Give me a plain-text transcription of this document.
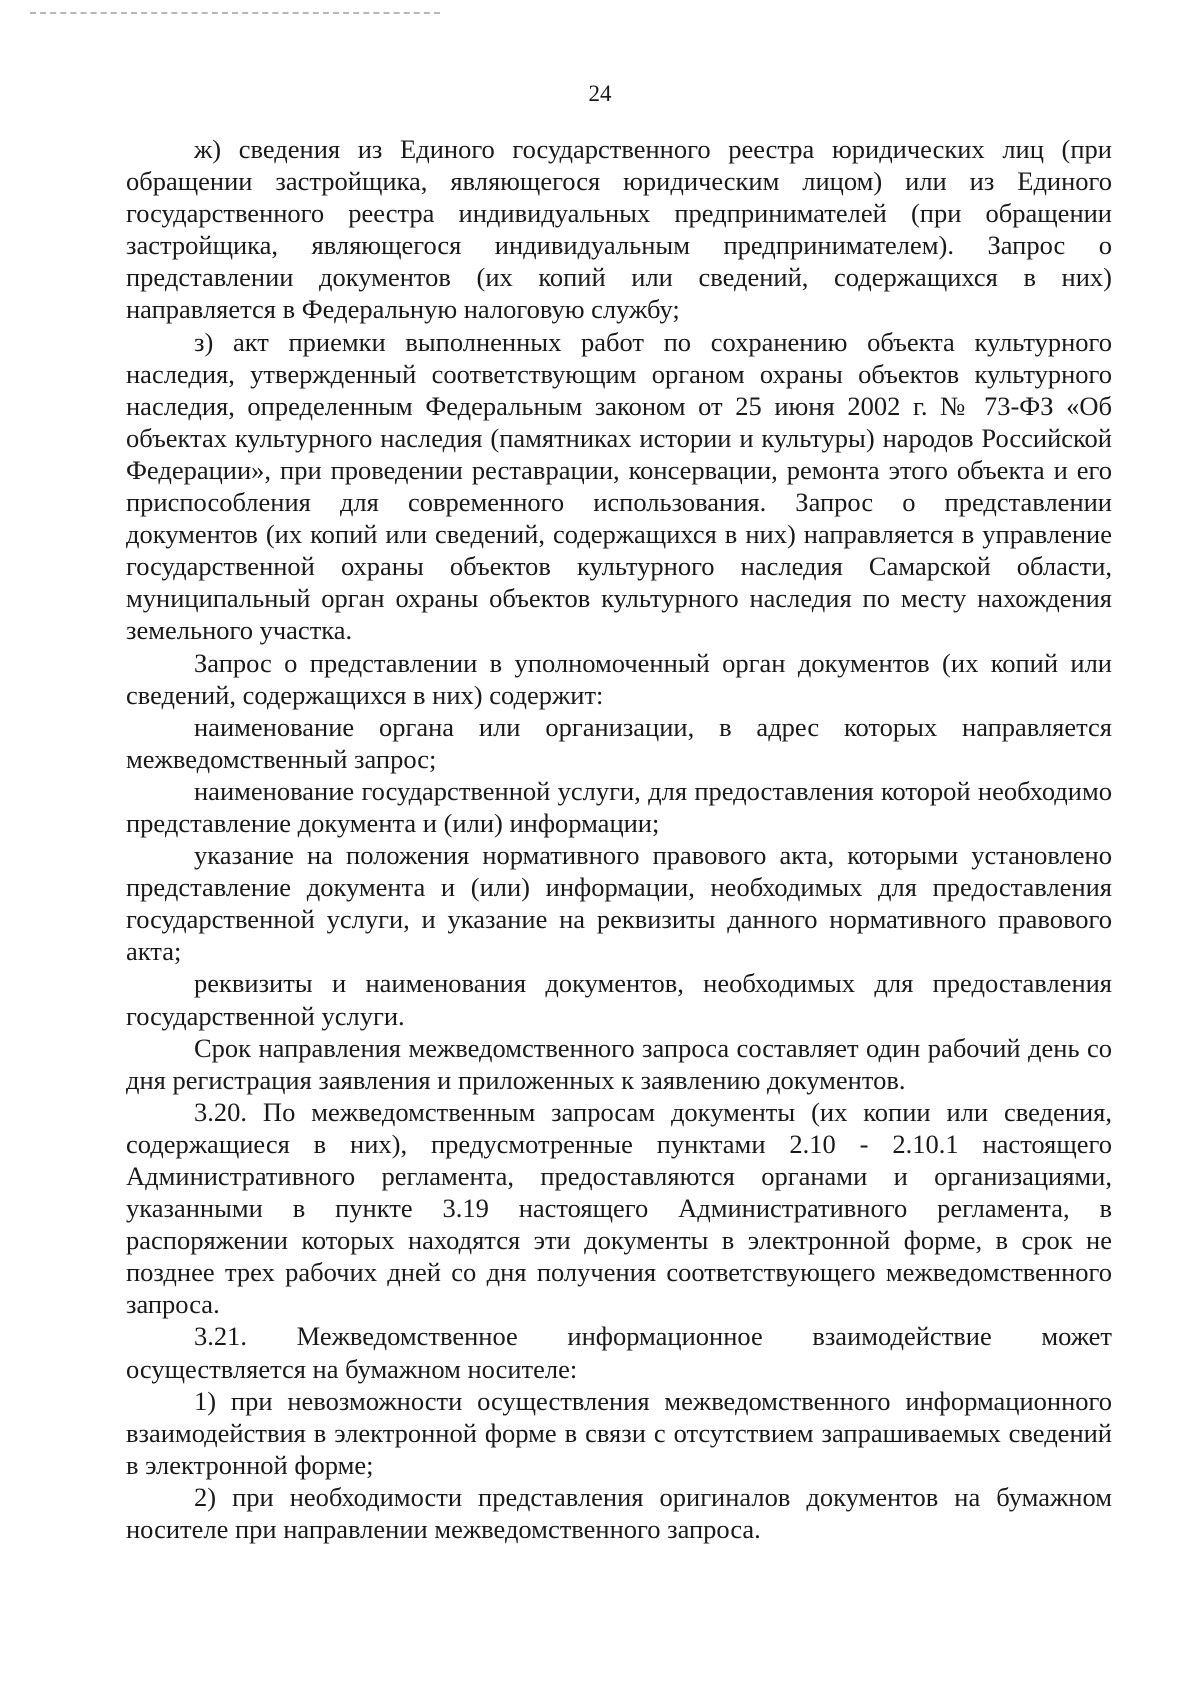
24

ж) сведения из Единого государственного реестра юридических лиц (при обращении застройщика, являющегося юридическим лицом) или из Единого государственного реестра индивидуальных предпринимателей (при обращении застройщика, являющегося индивидуальным предпринимателем). Запрос о представлении документов (их копий или сведений, содержащихся в них) направляется в Федеральную налоговую службу;

з) акт приемки выполненных работ по сохранению объекта культурного наследия, утвержденный соответствующим органом охраны объектов культурного наследия, определенным Федеральным законом от 25 июня 2002 г. № 73-ФЗ «Об объектах культурного наследия (памятниках истории и культуры) народов Российской Федерации», при проведении реставрации, консервации, ремонта этого объекта и его приспособления для современного использования. Запрос о представлении документов (их копий или сведений, содержащихся в них) направляется в управление государственной охраны объектов культурного наследия Самарской области, муниципальный орган охраны объектов культурного наследия по месту нахождения земельного участка.

Запрос о представлении в уполномоченный орган документов (их копий или сведений, содержащихся в них) содержит:

наименование органа или организации, в адрес которых направляется межведомственный запрос;

наименование государственной услуги, для предоставления которой необходимо представление документа и (или) информации;

указание на положения нормативного правового акта, которыми установлено представление документа и (или) информации, необходимых для предоставления государственной услуги, и указание на реквизиты данного нормативного правового акта;

реквизиты и наименования документов, необходимых для предоставления государственной услуги.

Срок направления межведомственного запроса составляет один рабочий день со дня регистрация заявления и приложенных к заявлению документов.

3.20. По межведомственным запросам документы (их копии или сведения, содержащиеся в них), предусмотренные пунктами 2.10 - 2.10.1 настоящего Административного регламента, предоставляются органами и организациями, указанными в пункте 3.19 настоящего Административного регламента, в распоряжении которых находятся эти документы в электронной форме, в срок не позднее трех рабочих дней со дня получения соответствующего межведомственного запроса.

3.21. Межведомственное информационное взаимодействие может осуществляется на бумажном носителе:

1) при невозможности осуществления межведомственного информационного взаимодействия в электронной форме в связи с отсутствием запрашиваемых сведений в электронной форме;

2) при необходимости представления оригиналов документов на бумажном носителе при направлении межведомственного запроса.
